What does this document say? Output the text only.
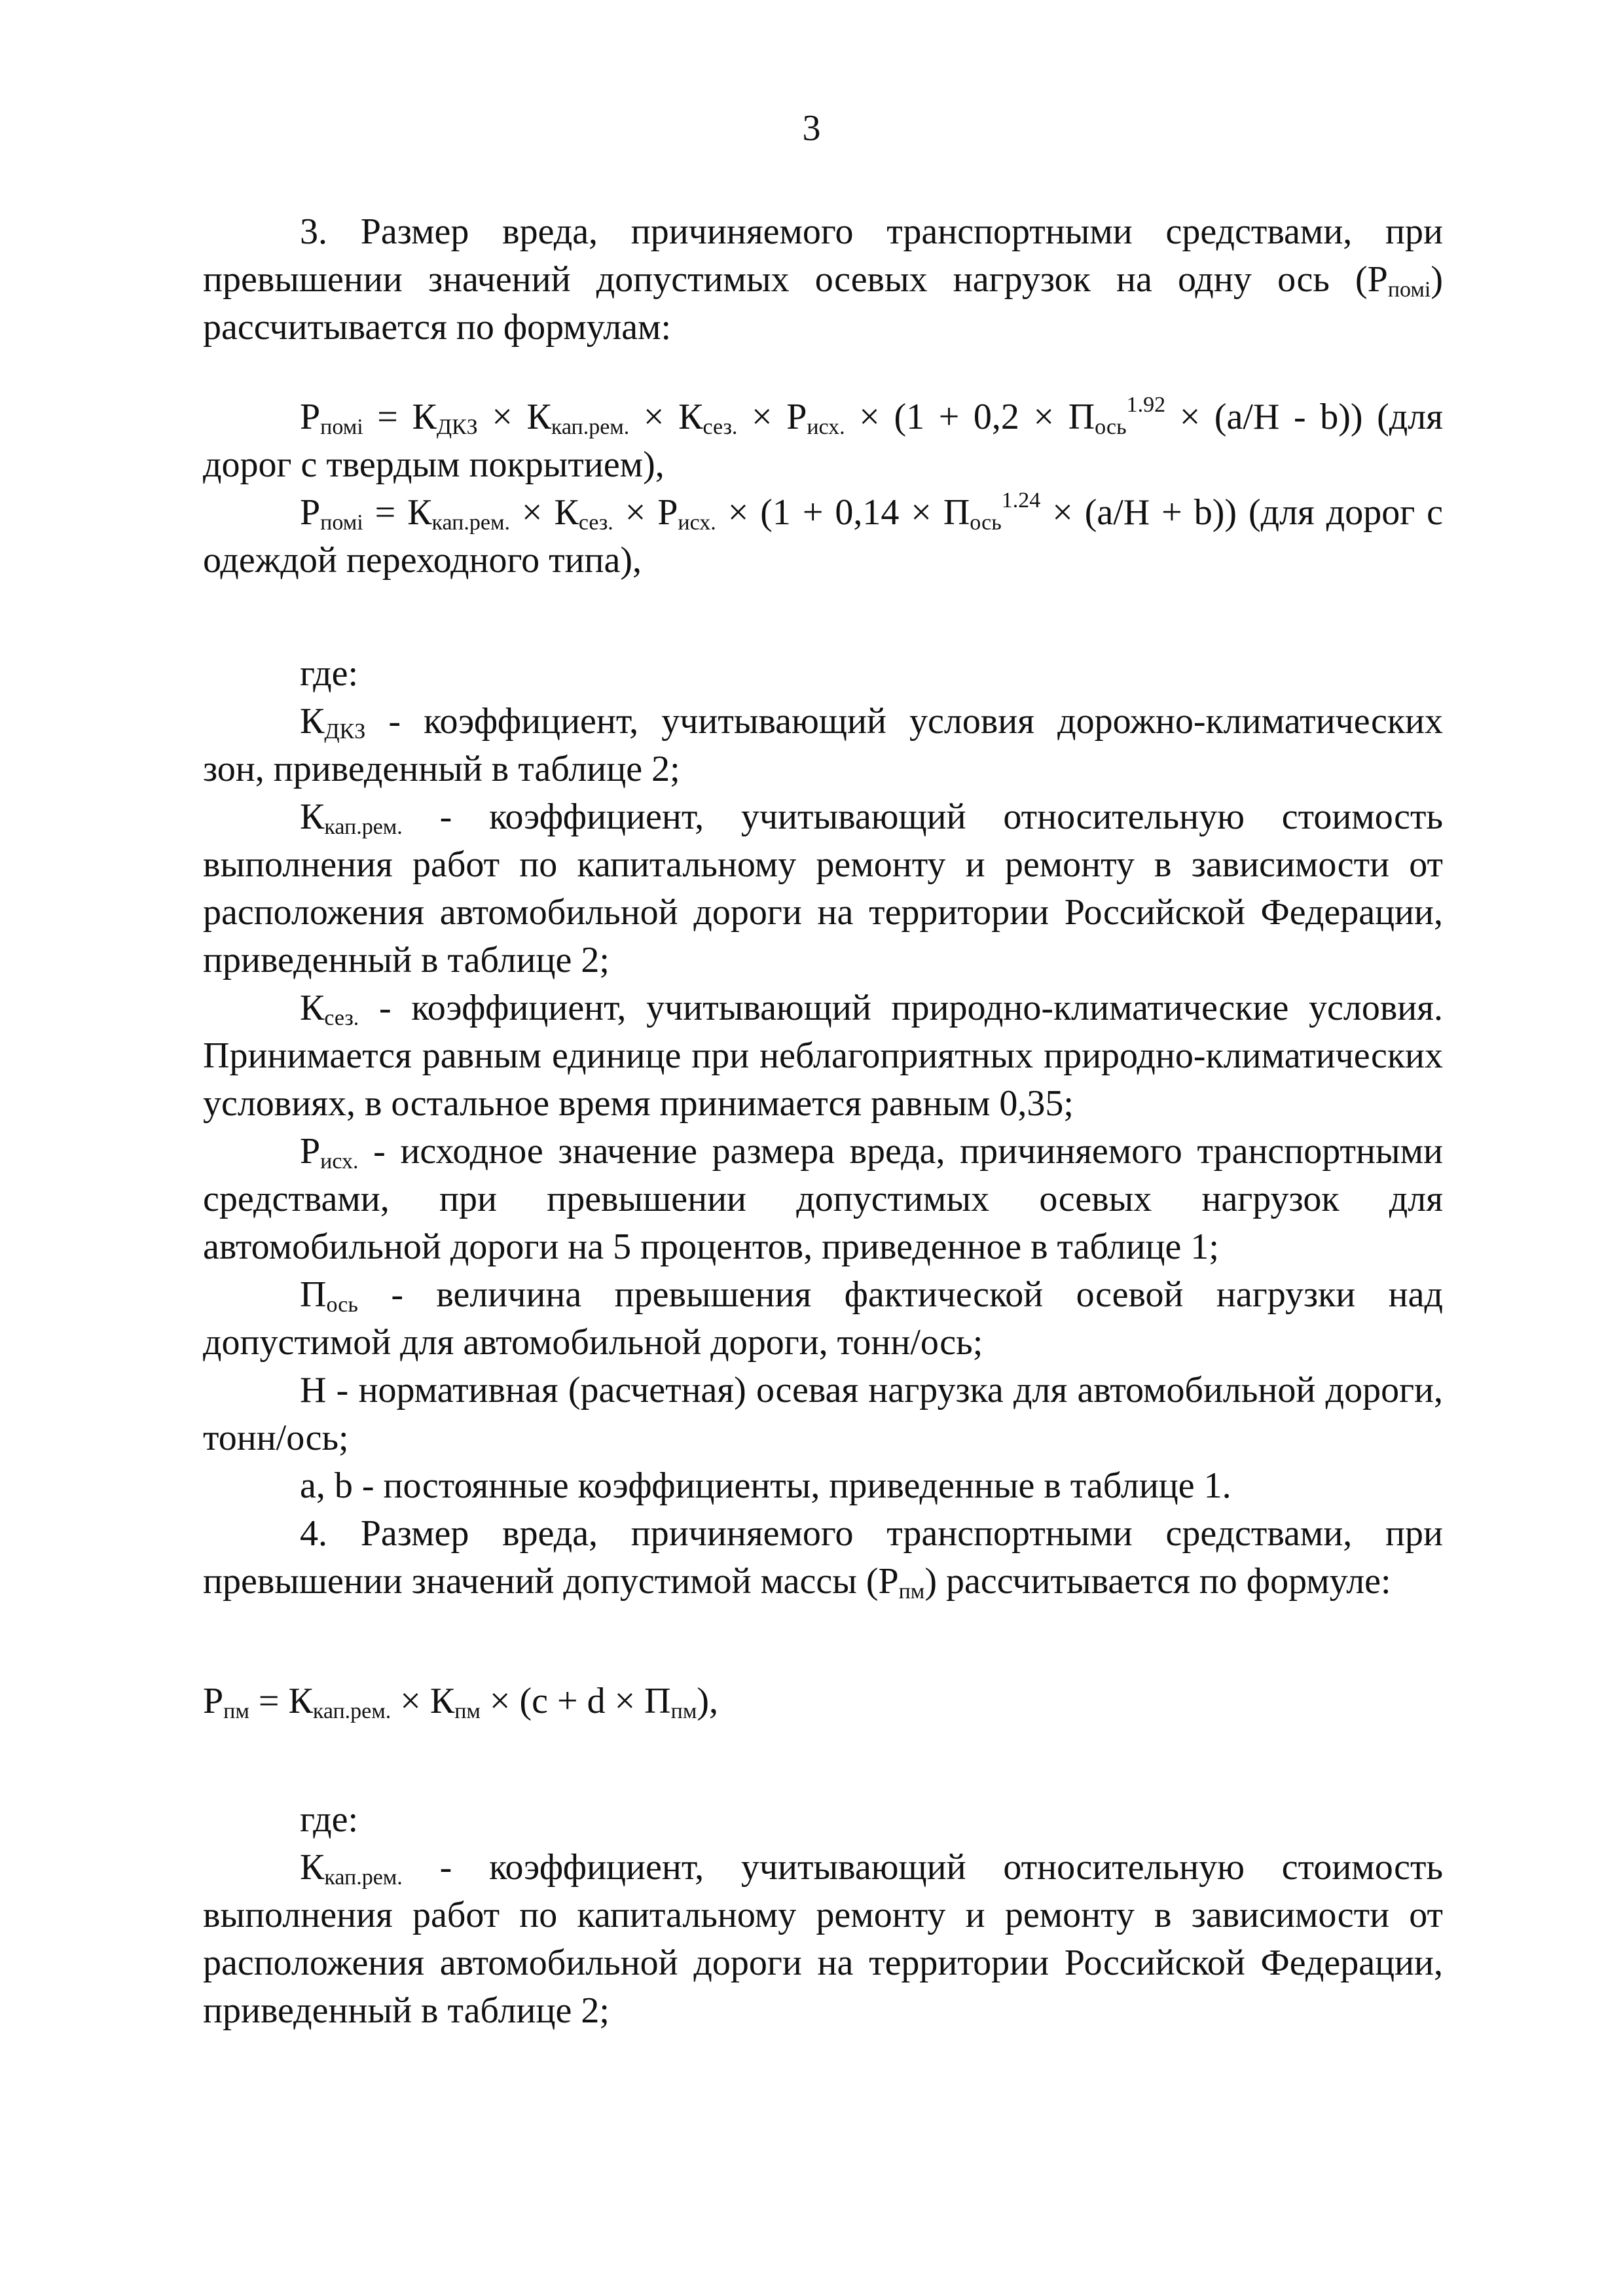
3

3. Размер вреда, причиняемого транспортными средствами, при превышении значений допустимых осевых нагрузок на одну ось $(P_{помі})$ рассчитывается по формулам:

$P_{помі} = К_{ДКЗ} \times К_{кап.рем.} \times К_{сез.} \times P_{исх.} \times (1 + 0,2 \times П_{ось}^{1.92} \times (a/H - b))$ (для дорог с твердым покрытием),

$P_{помі} = К_{кап.рем.} \times К_{сез.} \times P_{исх.} \times (1 + 0,14 \times П_{ось}^{1.24} \times (a/H + b))$ (для дорог с одеждой переходного типа),

где:

$К_{ДКЗ}$ - коэффициент, учитывающий условия дорожно-климатических зон, приведенный в таблице 2;

$К_{кап.рем.}$ - коэффициент, учитывающий относительную стоимость выполнения работ по капитальному ремонту и ремонту в зависимости от расположения автомобильной дороги на территории Российской Федерации, приведенный в таблице 2;

$К_{сез.}$ - коэффициент, учитывающий природно-климатические условия. Принимается равным единице при неблагоприятных природно-климатических условиях, в остальное время принимается равным 0,35;

$P_{исх.}$ - исходное значение размера вреда, причиняемого транспортными средствами, при превышении допустимых осевых нагрузок для автомобильной дороги на 5 процентов, приведенное в таблице 1;

$П_{ось}$ - величина превышения фактической осевой нагрузки над допустимой для автомобильной дороги, тонн/ось;

Н - нормативная (расчетная) осевая нагрузка для автомобильной дороги, тонн/ось;

a, b - постоянные коэффициенты, приведенные в таблице 1.

4. Размер вреда, причиняемого транспортными средствами, при превышении значений допустимой массы $(P_{пм})$ рассчитывается по формуле:

$P_{пм} = К_{кап.рем.} \times К_{пм} \times (c + d \times П_{пм})$,

где:

$К_{кап.рем.}$ - коэффициент, учитывающий относительную стоимость выполнения работ по капитальному ремонту и ремонту в зависимости от расположения автомобильной дороги на территории Российской Федерации, приведенный в таблице 2;
